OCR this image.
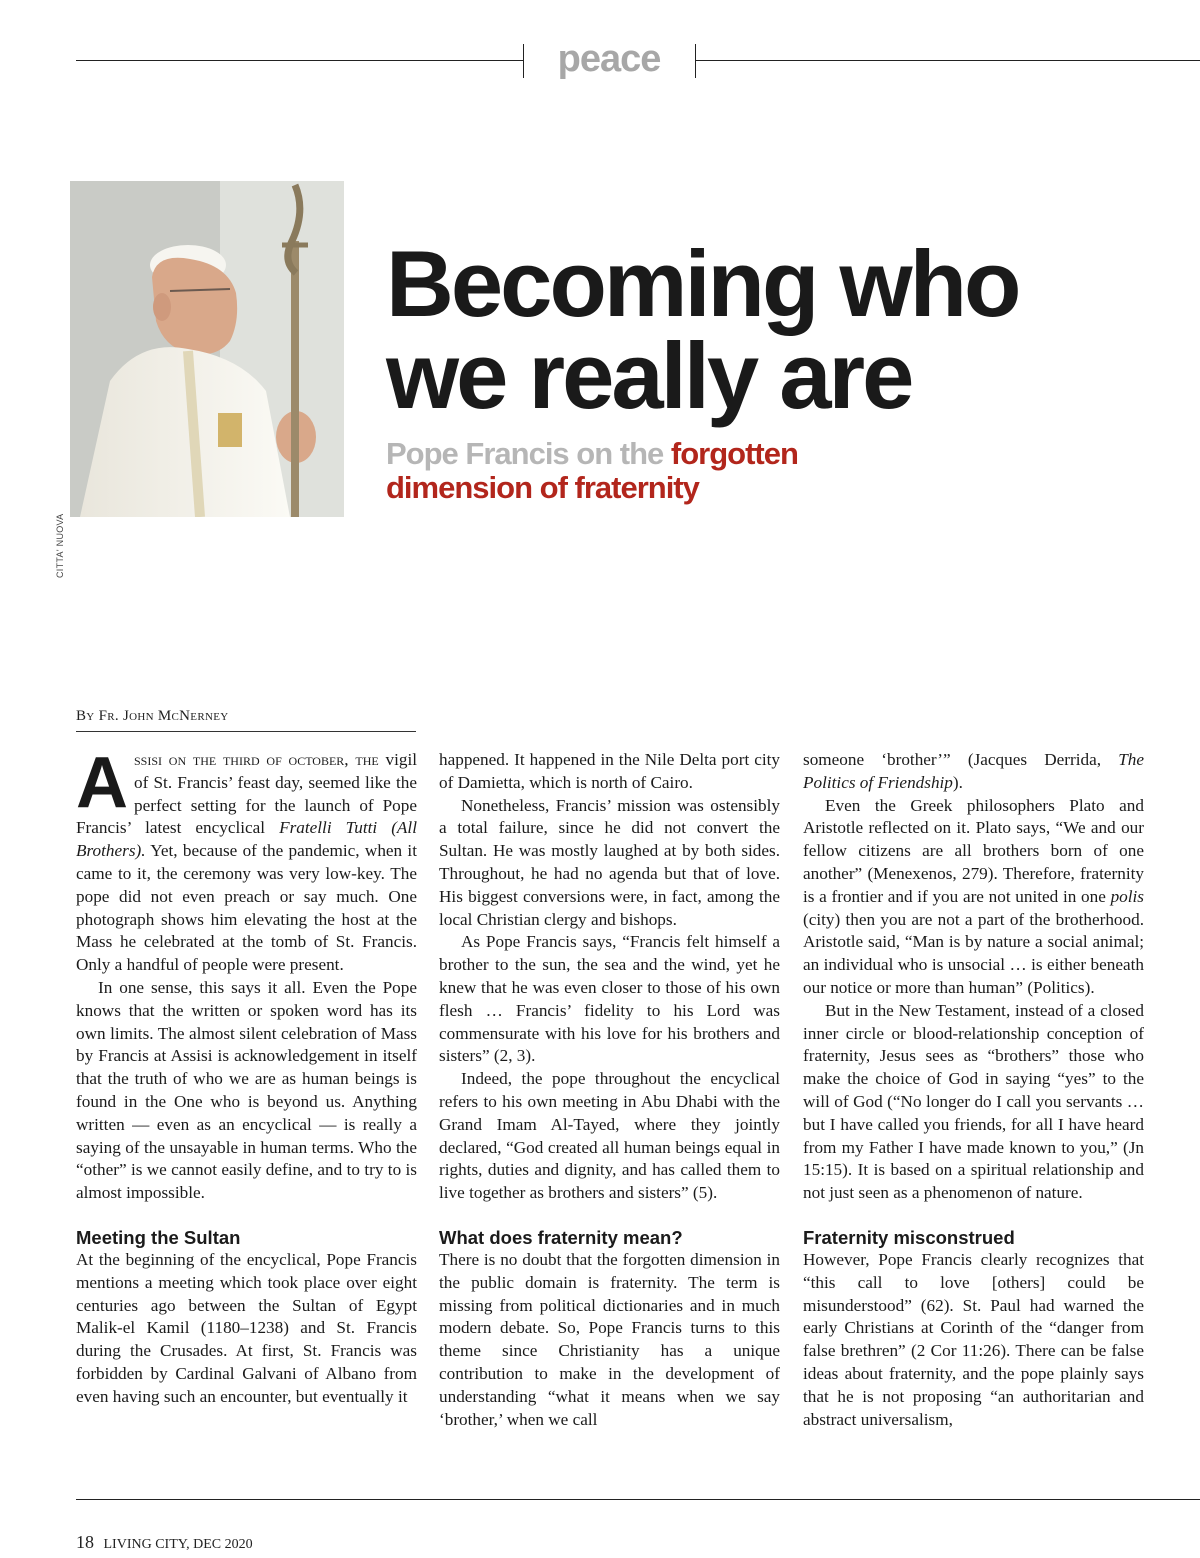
peace
CITTA' NUOVA
Becoming who we really are

Pope Francis on the forgotten dimension of fraternity

By Fr. John McNerney

Assisi on the third of october, the vigil of St. Francis’ feast day, seemed like the perfect setting for the launch of Pope Francis’ latest encyclical Fratelli Tutti (All Brothers). Yet, because of the pandemic, when it came to it, the ceremony was very low-key. The pope did not even preach or say much. One photograph shows him elevating the host at the Mass he celebrated at the tomb of St. Francis. Only a handful of people were present.

In one sense, this says it all. Even the Pope knows that the written or spoken word has its own limits. The almost silent celebration of Mass by Francis at Assisi is acknowledgement in itself that the truth of who we are as human beings is found in the One who is beyond us. Anything written — even as an encyclical — is really a saying of the unsayable in human terms. Who the “other” is we cannot easily define, and to try to is almost impossible.

Meeting the Sultan

At the beginning of the encyclical, Pope Francis mentions a meeting which took place over eight centuries ago between the Sultan of Egypt Malik-el Kamil (1180–1238) and St. Francis during the Crusades. At first, St. Francis was forbidden by Cardinal Galvani of Albano from even having such an encounter, but eventually it

happened. It happened in the Nile Delta port city of Damietta, which is north of Cairo.

Nonetheless, Francis’ mission was ostensibly a total failure, since he did not convert the Sultan. He was mostly laughed at by both sides. Throughout, he had no agenda but that of love. His biggest conversions were, in fact, among the local Christian clergy and bishops.

As Pope Francis says, “Francis felt himself a brother to the sun, the sea and the wind, yet he knew that he was even closer to those of his own flesh … Francis’ fidelity to his Lord was commensurate with his love for his brothers and sisters” (2, 3).

Indeed, the pope throughout the encyclical refers to his own meeting in Abu Dhabi with the Grand Imam Al-Tayed, where they jointly declared, “God created all human beings equal in rights, duties and dignity, and has called them to live together as brothers and sisters” (5).

What does fraternity mean?

There is no doubt that the forgotten dimension in the public domain is fraternity. The term is missing from political dictionaries and in much modern debate. So, Pope Francis turns to this theme since Christianity has a unique contribution to make in the development of understanding “what it means when we say ‘brother,’ when we call

someone ‘brother’” (Jacques Derrida, The Politics of Friendship).

Even the Greek philosophers Plato and Aristotle reflected on it. Plato says, “We and our fellow citizens are all brothers born of one another” (Menexenos, 279). Therefore, fraternity is a frontier and if you are not united in one polis (city) then you are not a part of the brotherhood. Aristotle said, “Man is by nature a social animal; an individual who is unsocial … is either beneath our notice or more than human” (Politics).

But in the New Testament, instead of a closed inner circle or blood-relationship conception of fraternity, Jesus sees as “brothers” those who make the choice of God in saying “yes” to the will of God (“No longer do I call you servants … but I have called you friends, for all I have heard from my Father I have made known to you,” (Jn 15:15). It is based on a spiritual relationship and not just seen as a phenomenon of nature.

Fraternity misconstrued

However, Pope Francis clearly recognizes that “this call to love [others] could be misunderstood” (62). St. Paul had warned the early Christians at Corinth of the “danger from false brethren” (2 Cor 11:26). There can be false ideas about fraternity, and the pope plainly says that he is not proposing “an authoritarian and abstract universalism,

18 LIVING CITY, DEC 2020
